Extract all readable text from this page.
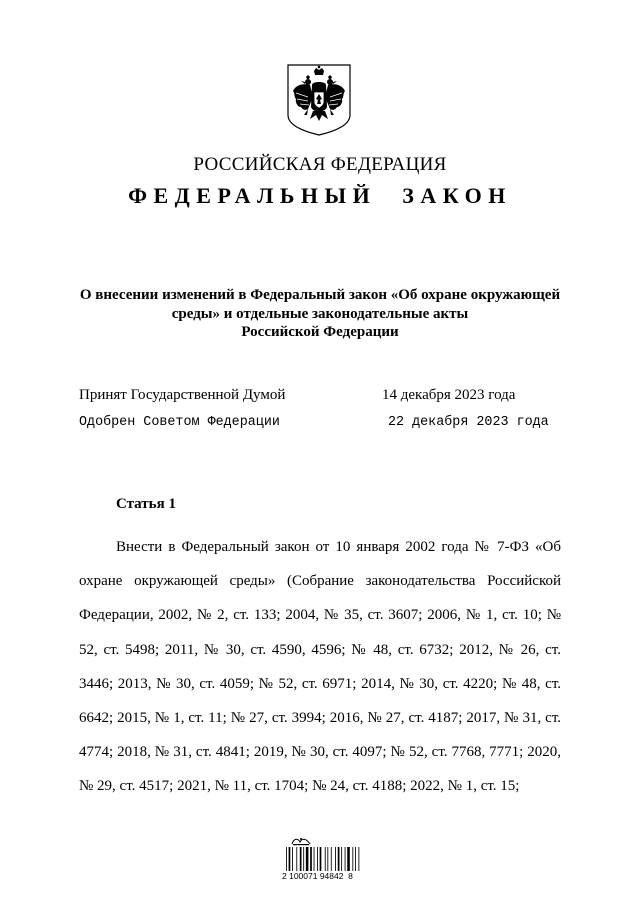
РОССИЙСКАЯ ФЕДЕРАЦИЯ
ФЕДЕРАЛЬНЫЙ ЗАКОН
О внесении изменений в Федеральный закон «Об охране окружающей
среды» и отдельные законодательные акты
Российской Федерации
Принят Государственной Думой	14 декабря 2023 года
Одобрен Советом Федерации	22 декабря 2023 года
Статья 1
Внести в Федеральный закон от 10 января 2002 года № 7-ФЗ «Об охране окружающей среды» (Собрание законодательства Российской Федерации, 2002, № 2, ст. 133; 2004, № 35, ст. 3607; 2006, № 1, ст. 10; № 52, ст. 5498; 2011, № 30, ст. 4590, 4596; № 48, ст. 6732; 2012, № 26, ст. 3446; 2013, № 30, ст. 4059; № 52, ст. 6971; 2014, № 30, ст. 4220; № 48, ст. 6642; 2015, № 1, ст. 11; № 27, ст. 3994; 2016, № 27, ст. 4187; 2017, № 31, ст. 4774; 2018, № 31, ст. 4841; 2019, № 30, ст. 4097; № 52, ст. 7768, 7771; 2020, № 29, ст. 4517; 2021, № 11, ст. 1704; № 24, ст. 4188; 2022, № 1, ст. 15;
2 100071 94842  8
